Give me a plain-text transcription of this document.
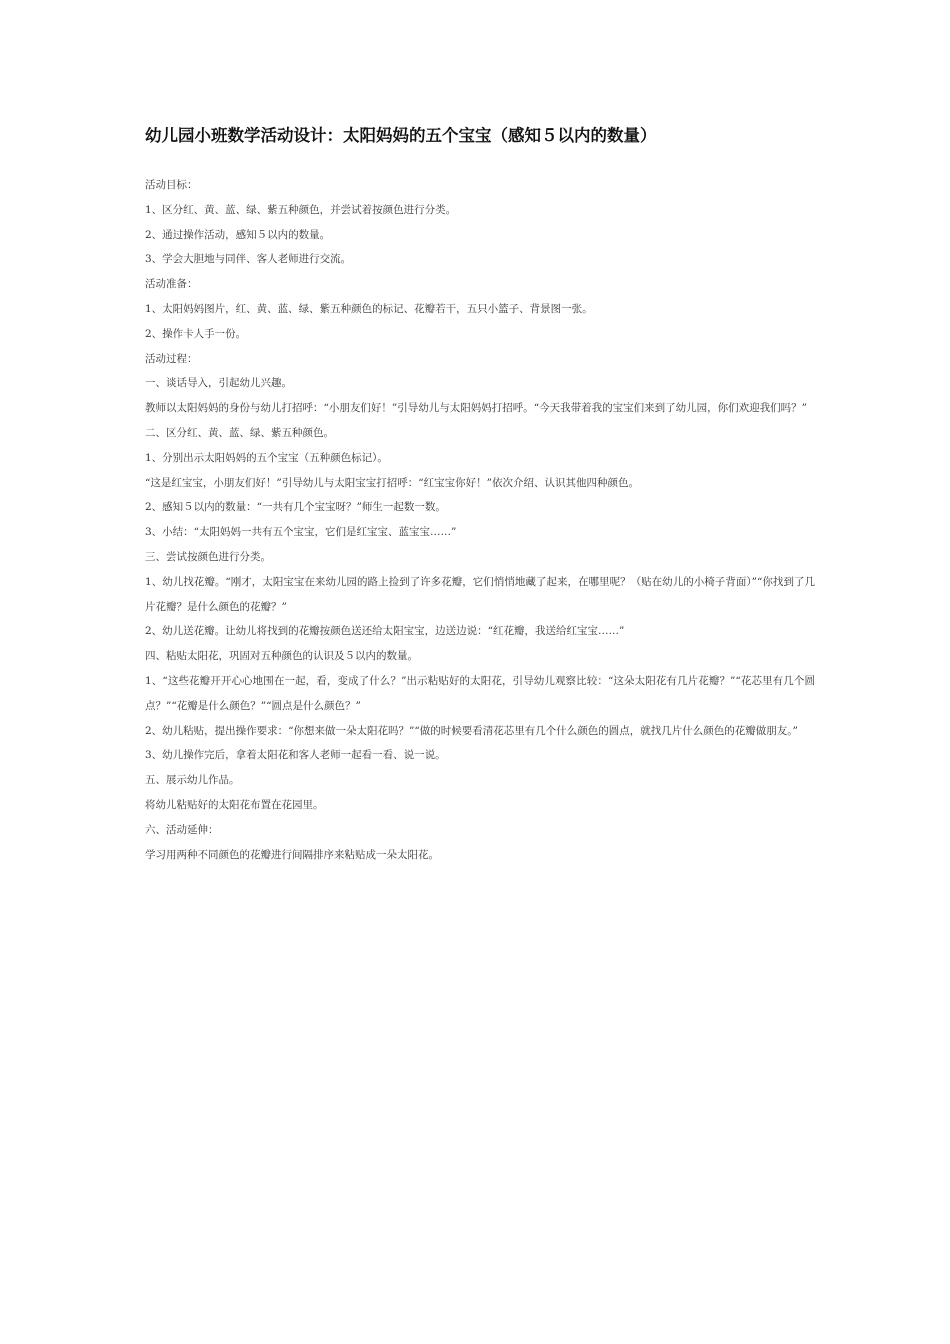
幼儿园小班数学活动设计：太阳妈妈的五个宝宝（感知５以内的数量）

活动目标：

1、区分红、黄、蓝、绿、紫五种颜色，并尝试着按颜色进行分类。

2、通过操作活动，感知５以内的数量。

3、学会大胆地与同伴、客人老师进行交流。

活动准备：

1、太阳妈妈图片，红、黄、蓝、绿、紫五种颜色的标记、花瓣若干，五只小篮子、背景图一张。

2、操作卡人手一份。

活动过程：

一、谈话导入，引起幼儿兴趣。

教师以太阳妈妈的身份与幼儿打招呼：“小朋友们好！”引导幼儿与太阳妈妈打招呼。“今天我带着我的宝宝们来到了幼儿园，你们欢迎我们吗？”

二、区分红、黄、蓝、绿、紫五种颜色。

1、分别出示太阳妈妈的五个宝宝（五种颜色标记）。

“这是红宝宝，小朋友们好！”引导幼儿与太阳宝宝打招呼：“红宝宝你好！”依次介绍、认识其他四种颜色。

2、感知５以内的数量：“一共有几个宝宝呀？”师生一起数一数。

3、小结：“太阳妈妈一共有五个宝宝，它们是红宝宝、蓝宝宝……”

三、尝试按颜色进行分类。

1、幼儿找花瓣。“刚才，太阳宝宝在来幼儿园的路上捡到了许多花瓣，它们悄悄地藏了起来，在哪里呢？（贴在幼儿的小椅子背面）”“你找到了几片花瓣？是什么颜色的花瓣？”

2、幼儿送花瓣。让幼儿将找到的花瓣按颜色送还给太阳宝宝，边送边说：“红花瓣，我送给红宝宝……”

四、粘贴太阳花，巩固对五种颜色的认识及５以内的数量。

1、“这些花瓣开开心心地围在一起，看，变成了什么？”出示粘贴好的太阳花，引导幼儿观察比较：“这朵太阳花有几片花瓣？”“花芯里有几个圆点？”“花瓣是什么颜色？”“圆点是什么颜色？”

2、幼儿粘贴，提出操作要求：“你想来做一朵太阳花吗？”“做的时候要看清花芯里有几个什么颜色的圆点，就找几片什么颜色的花瓣做朋友。”

3、幼儿操作完后，拿着太阳花和客人老师一起看一看、说一说。

五、展示幼儿作品。

将幼儿粘贴好的太阳花布置在花园里。

六、活动延伸：

学习用两种不同颜色的花瓣进行间隔排序来粘贴成一朵太阳花。
